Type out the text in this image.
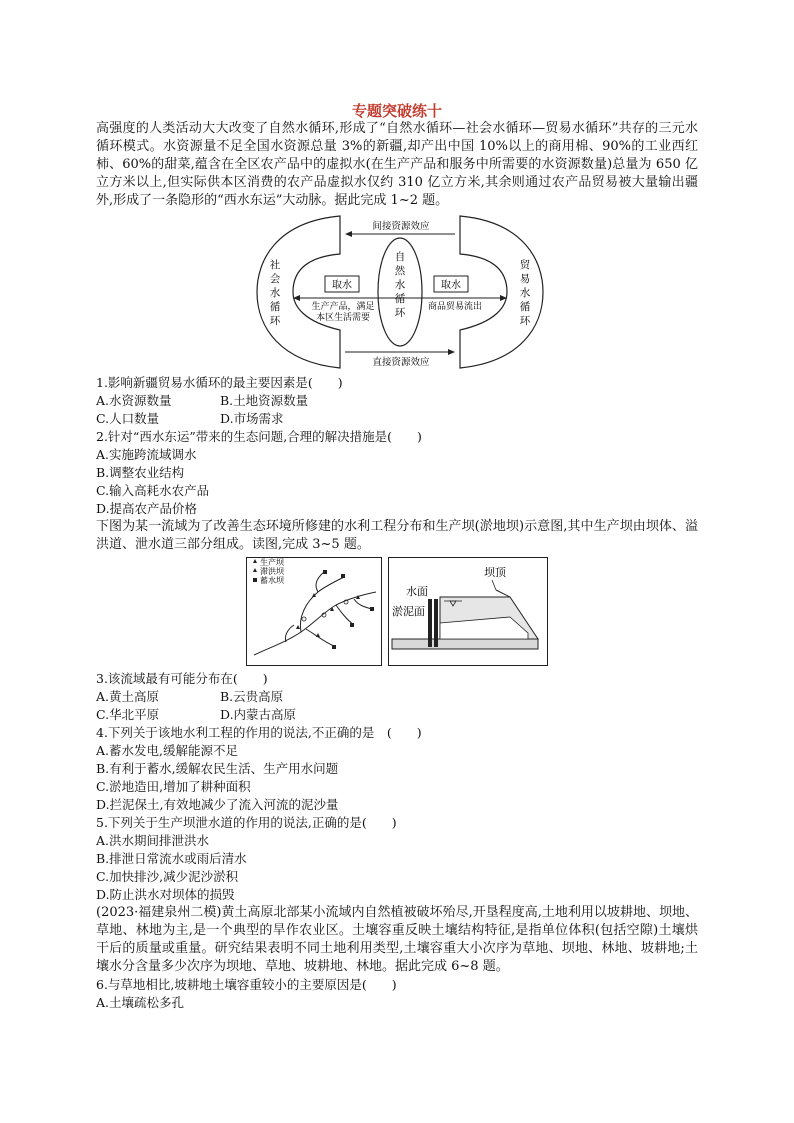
专题突破练十

高强度的人类活动大大改变了自然水循环,形成了“自然水循环—社会水循环—贸易水循环”共存的三元水循环模式。水资源量不足全国水资源总量 3%的新疆,却产出中国 10%以上的商用棉、90%的工业西红柿、60%的甜菜,蕴含在全区农产品中的虚拟水(在生产产品和服务中所需要的水资源数量)总量为 650 亿立方米以上,但实际供本区消费的农产品虚拟水仅约 310 亿立方米,其余则通过农产品贸易被大量输出疆外,形成了一条隐形的“西水东运”大动脉。据此完成 1~2 题。

取水	取水
间接资源效应
直接资源效应
生产产品，满足
本区生活需要
商品贸易流出
社会水循环
自然水循环
贸易水循环
1.影响新疆贸易水循环的最主要因素是(　　)
A.水资源数量	B.土地资源数量
C.人口数量	D.市场需求
2.针对“西水东运”带来的生态问题,合理的解决措施是(　　)
A.实施跨流域调水
B.调整农业结构
C.输入高耗水农产品
D.提高农产品价格

下图为某一流域为了改善生态环境所修建的水利工程分布和生产坝(淤地坝)示意图,其中生产坝由坝体、溢洪道、泄水道三部分组成。读图,完成 3~5 题。

生产坝
滞洪坝
蓄水坝
水面
淤泥面
坝顶
3.该流域最有可能分布在(　　)
A.黄土高原	B.云贵高原
C.华北平原	D.内蒙古高原
4.下列关于该地水利工程的作用的说法,不正确的是　(　　)
A.蓄水发电,缓解能源不足
B.有利于蓄水,缓解农民生活、生产用水问题
C.淤地造田,增加了耕种面积
D.拦泥保土,有效地减少了流入河流的泥沙量
5.下列关于生产坝泄水道的作用的说法,正确的是(　　)
A.洪水期间排泄洪水
B.排泄日常流水或雨后清水
C.加快排沙,减少泥沙淤积
D.防止洪水对坝体的损毁

(2023·福建泉州二模)黄土高原北部某小流域内自然植被破坏殆尽,开垦程度高,土地利用以坡耕地、坝地、草地、林地为主,是一个典型的旱作农业区。土壤容重反映土壤结构特征,是指单位体积(包括空隙)土壤烘干后的质量或重量。研究结果表明不同土地利用类型,土壤容重大小次序为草地、坝地、林地、坡耕地;土壤水分含量多少次序为坝地、草地、坡耕地、林地。据此完成 6~8 题。

6.与草地相比,坡耕地土壤容重较小的主要原因是(　　)
A.土壤疏松多孔
